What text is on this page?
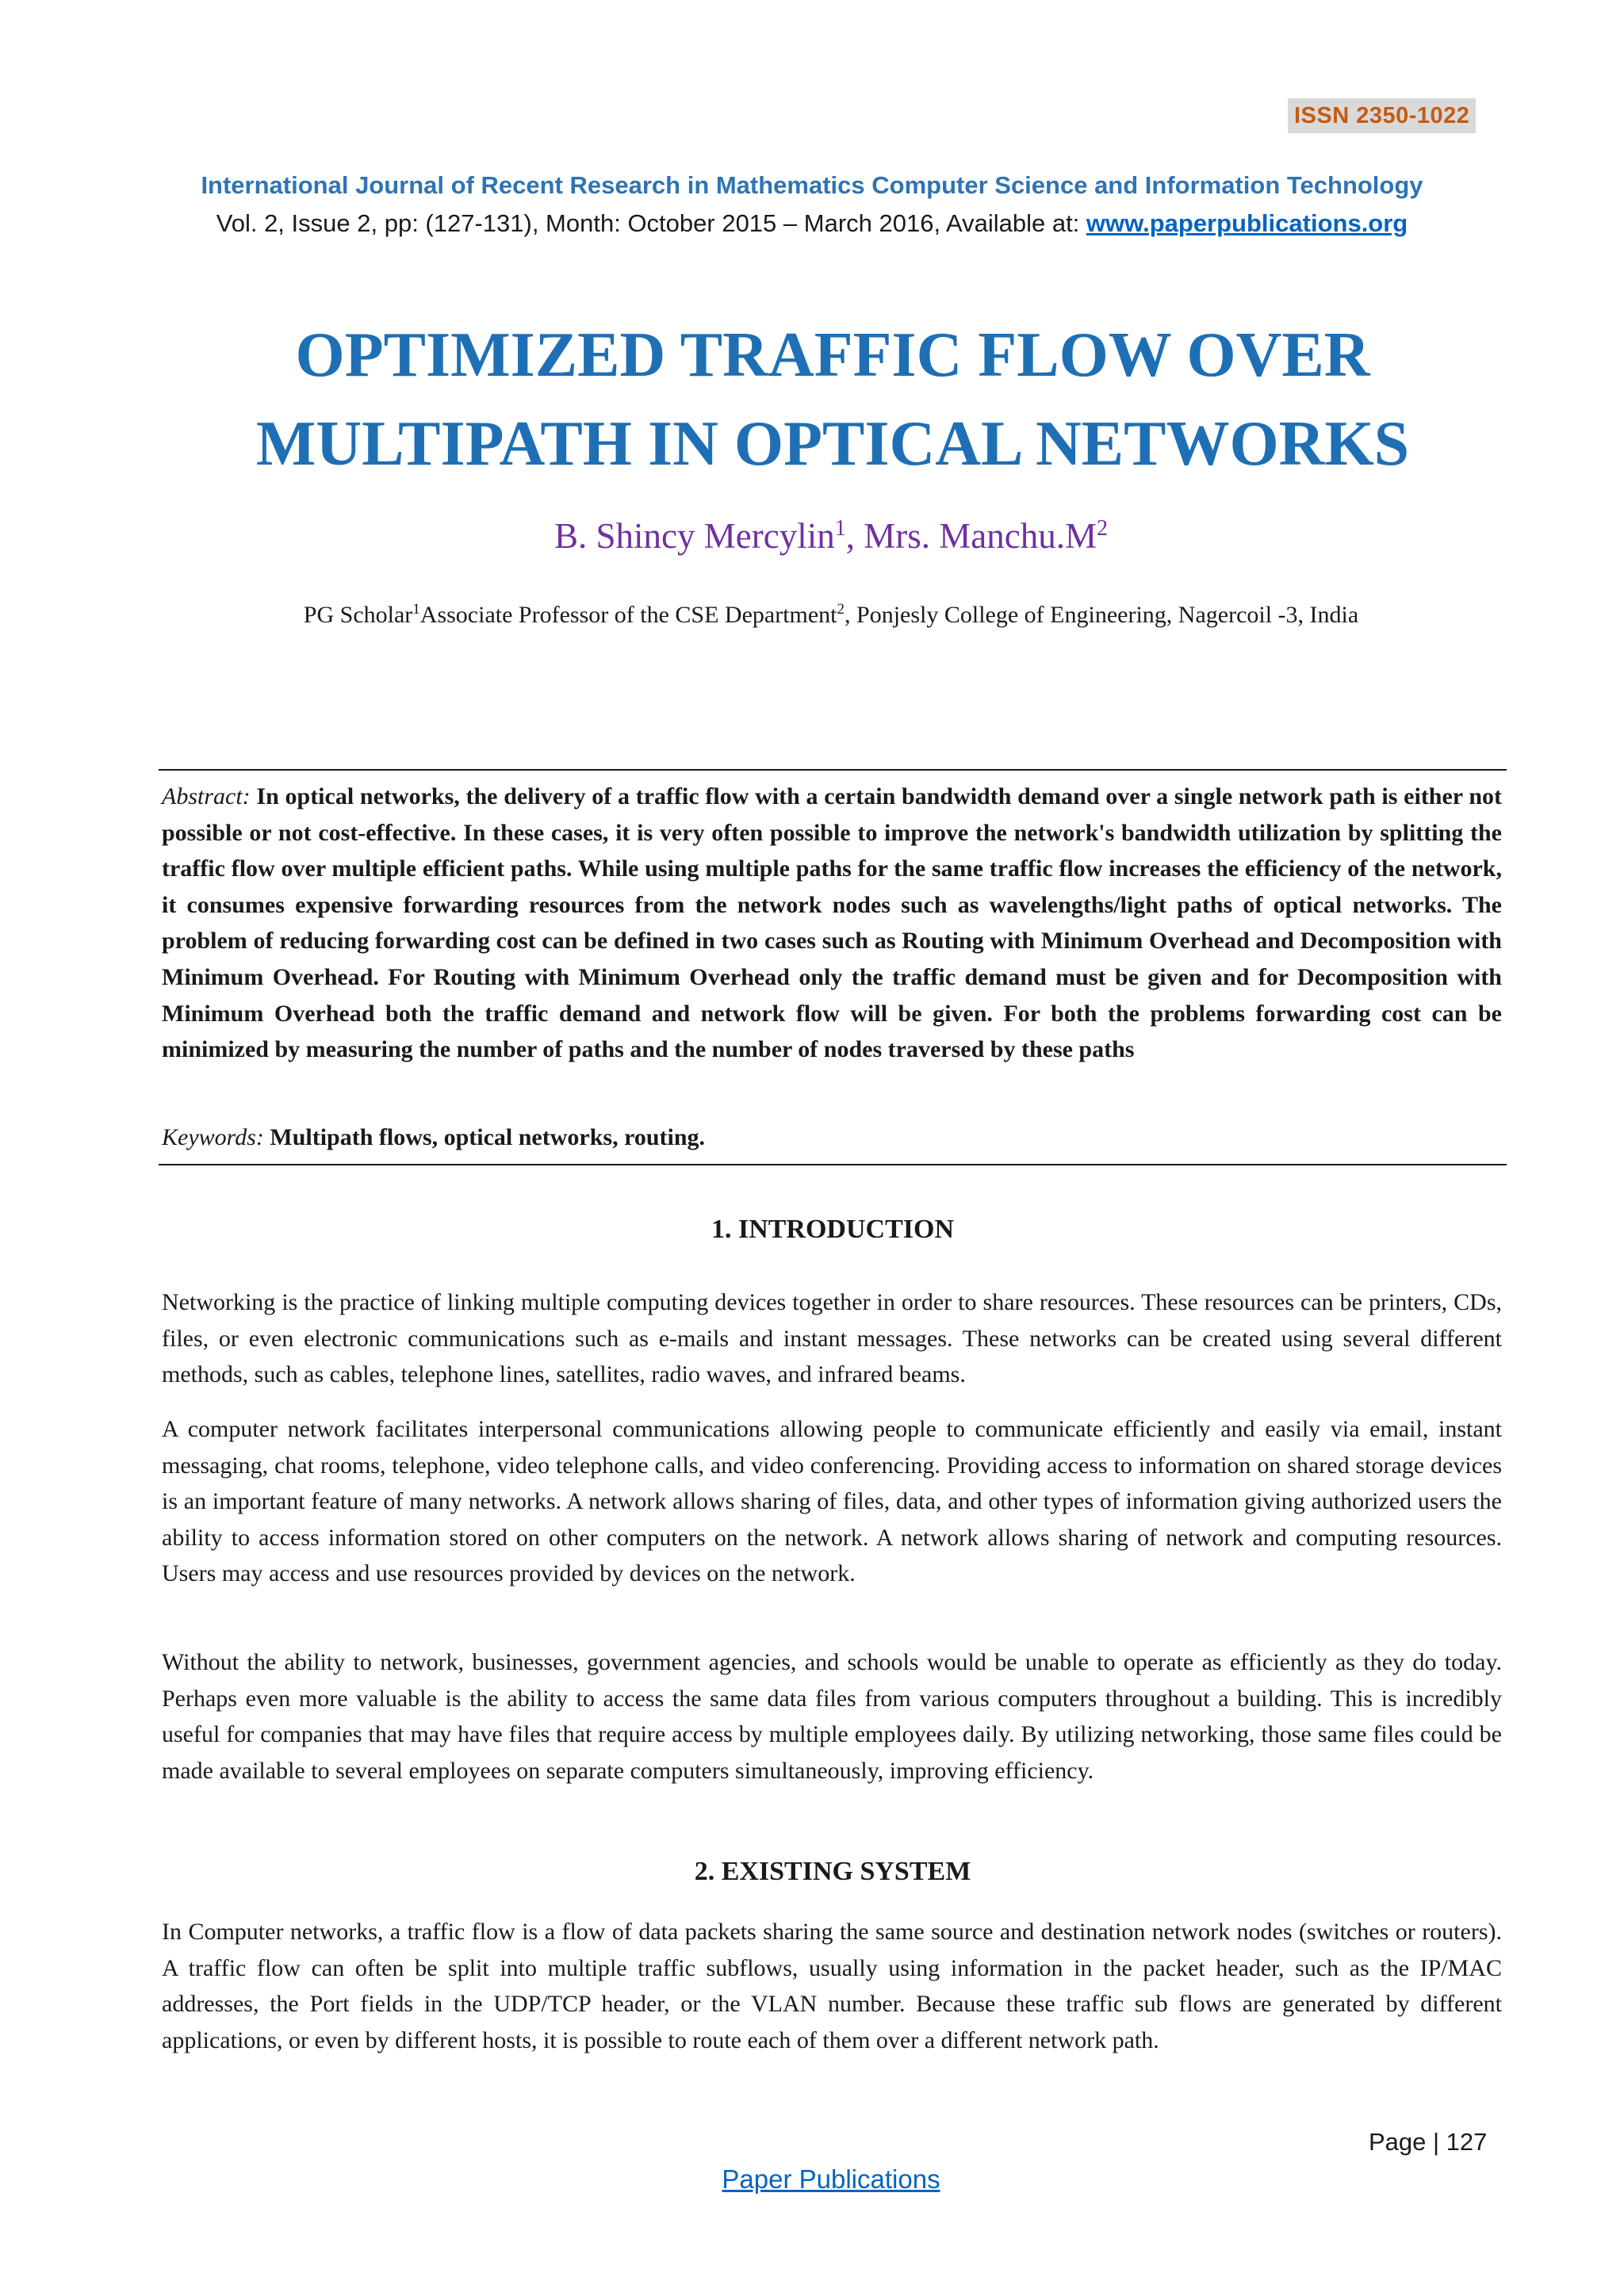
ISSN 2350-1022
International Journal of Recent Research in Mathematics Computer Science and Information Technology
Vol. 2, Issue 2, pp: (127-131), Month: October 2015 – March 2016, Available at: www.paperpublications.org
OPTIMIZED TRAFFIC FLOW OVER
MULTIPATH IN OPTICAL NETWORKS
B. Shincy Mercylin$^1$, Mrs. $Manchu.M^2$
PG Scholar$^1$Associate Professor of the CSE Department$^2$, Ponjesly College of Engineering, Nagercoil -3, India
Abstract: In optical networks, the delivery of a traffic flow with a certain bandwidth demand over a single network path is either not possible or not cost-effective. In these cases, it is very often possible to improve the network's bandwidth utilization by splitting the traffic flow over multiple efficient paths. While using multiple paths for the same traffic flow increases the efficiency of the network, it consumes expensive forwarding resources from the network nodes such as wavelengths/light paths of optical networks. The problem of reducing forwarding cost can be defined in two cases such as Routing with Minimum Overhead and Decomposition with Minimum Overhead. For Routing with Minimum Overhead only the traffic demand must be given and for Decomposition with Minimum Overhead both the traffic demand and network flow will be given. For both the problems forwarding cost can be minimized by measuring the number of paths and the number of nodes traversed by these paths
Keywords: Multipath flows, optical networks, routing.
1. INTRODUCTION
Networking is the practice of linking multiple computing devices together in order to share resources. These resources can be printers, CDs, files, or even electronic communications such as e-mails and instant messages. These networks can be created using several different methods, such as cables, telephone lines, satellites, radio waves, and infrared beams.
A computer network facilitates interpersonal communications allowing people to communicate efficiently and easily via email, instant messaging, chat rooms, telephone, video telephone calls, and video conferencing. Providing access to information on shared storage devices is an important feature of many networks. A network allows sharing of files, data, and other types of information giving authorized users the ability to access information stored on other computers on the network. A network allows sharing of network and computing resources. Users may access and use resources provided by devices on the network.
Without the ability to network, businesses, government agencies, and schools would be unable to operate as efficiently as they do today. Perhaps even more valuable is the ability to access the same data files from various computers throughout a building. This is incredibly useful for companies that may have files that require access by multiple employees daily. By utilizing networking, those same files could be made available to several employees on separate computers simultaneously, improving efficiency.
2. EXISTING SYSTEM
In Computer networks, a traffic flow is a flow of data packets sharing the same source and destination network nodes (switches or routers). A traffic flow can often be split into multiple traffic subflows, usually using information in the packet header, such as the IP/MAC addresses, the Port fields in the UDP/TCP header, or the VLAN number. Because these traffic sub flows are generated by different applications, or even by different hosts, it is possible to route each of them over a different network path.
Page | 127
Paper Publications
